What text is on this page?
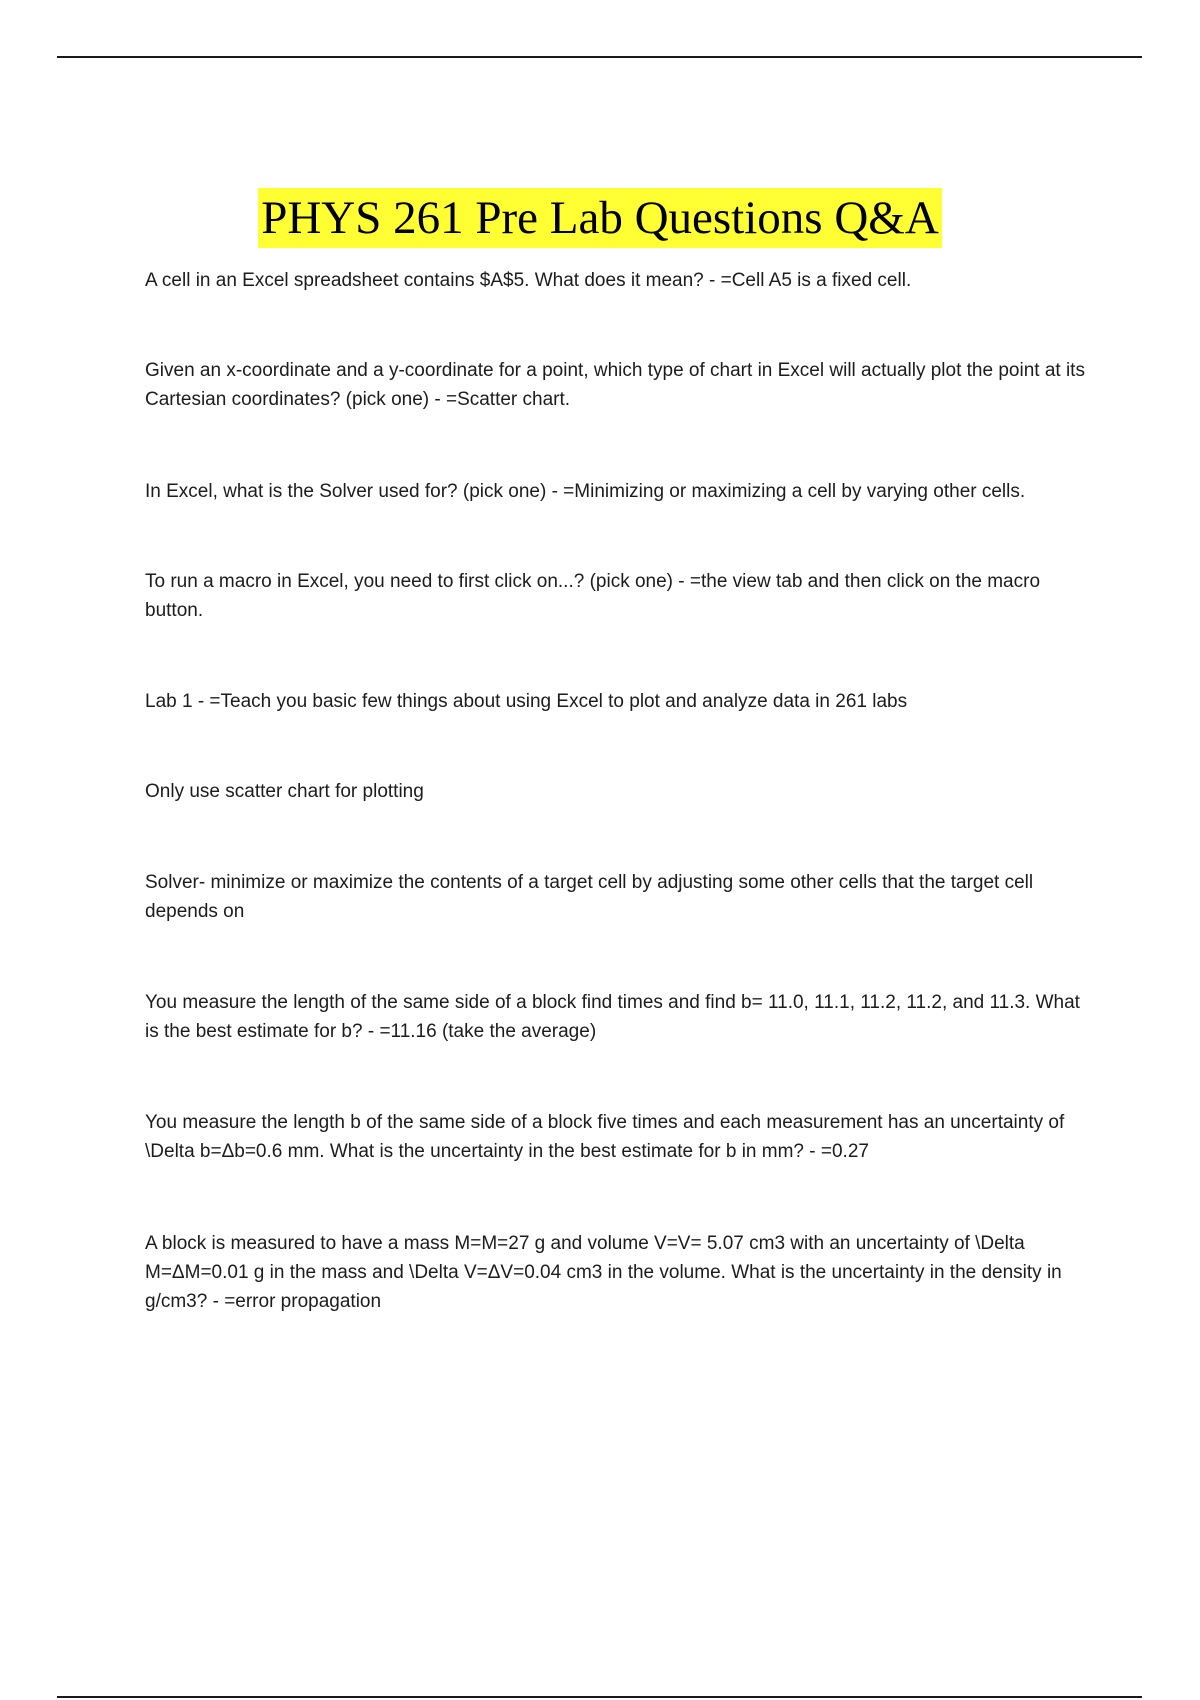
PHYS 261 Pre Lab Questions Q&A

A cell in an Excel spreadsheet contains $A$5. What does it mean? - =Cell A5 is a fixed cell.

Given an x-coordinate and a y-coordinate for a point, which type of chart in Excel will actually plot the point at its Cartesian coordinates? (pick one) - =Scatter chart.

In Excel, what is the Solver used for? (pick one) - =Minimizing or maximizing a cell by varying other cells.

To run a macro in Excel, you need to first click on...? (pick one) - =the view tab and then click on the macro button.

Lab 1 - =Teach you basic few things about using Excel to plot and analyze data in 261 labs

Only use scatter chart for plotting

Solver- minimize or maximize the contents of a target cell by adjusting some other cells that the target cell depends on

You measure the length of the same side of a block find times and find b= 11.0, 11.1, 11.2, 11.2, and 11.3. What is the best estimate for b? - =11.16 (take the average)

You measure the length b of the same side of a block five times and each measurement has an uncertainty of \Delta b=Δb=0.6 mm. What is the uncertainty in the best estimate for b in mm? - =0.27

A block is measured to have a mass M=M=27 g and volume V=V= 5.07 cm3 with an uncertainty of \Delta M=ΔM=0.01 g in the mass and \Delta V=ΔV=0.04 cm3 in the volume. What is the uncertainty in the density in g/cm3? - =error propagation
